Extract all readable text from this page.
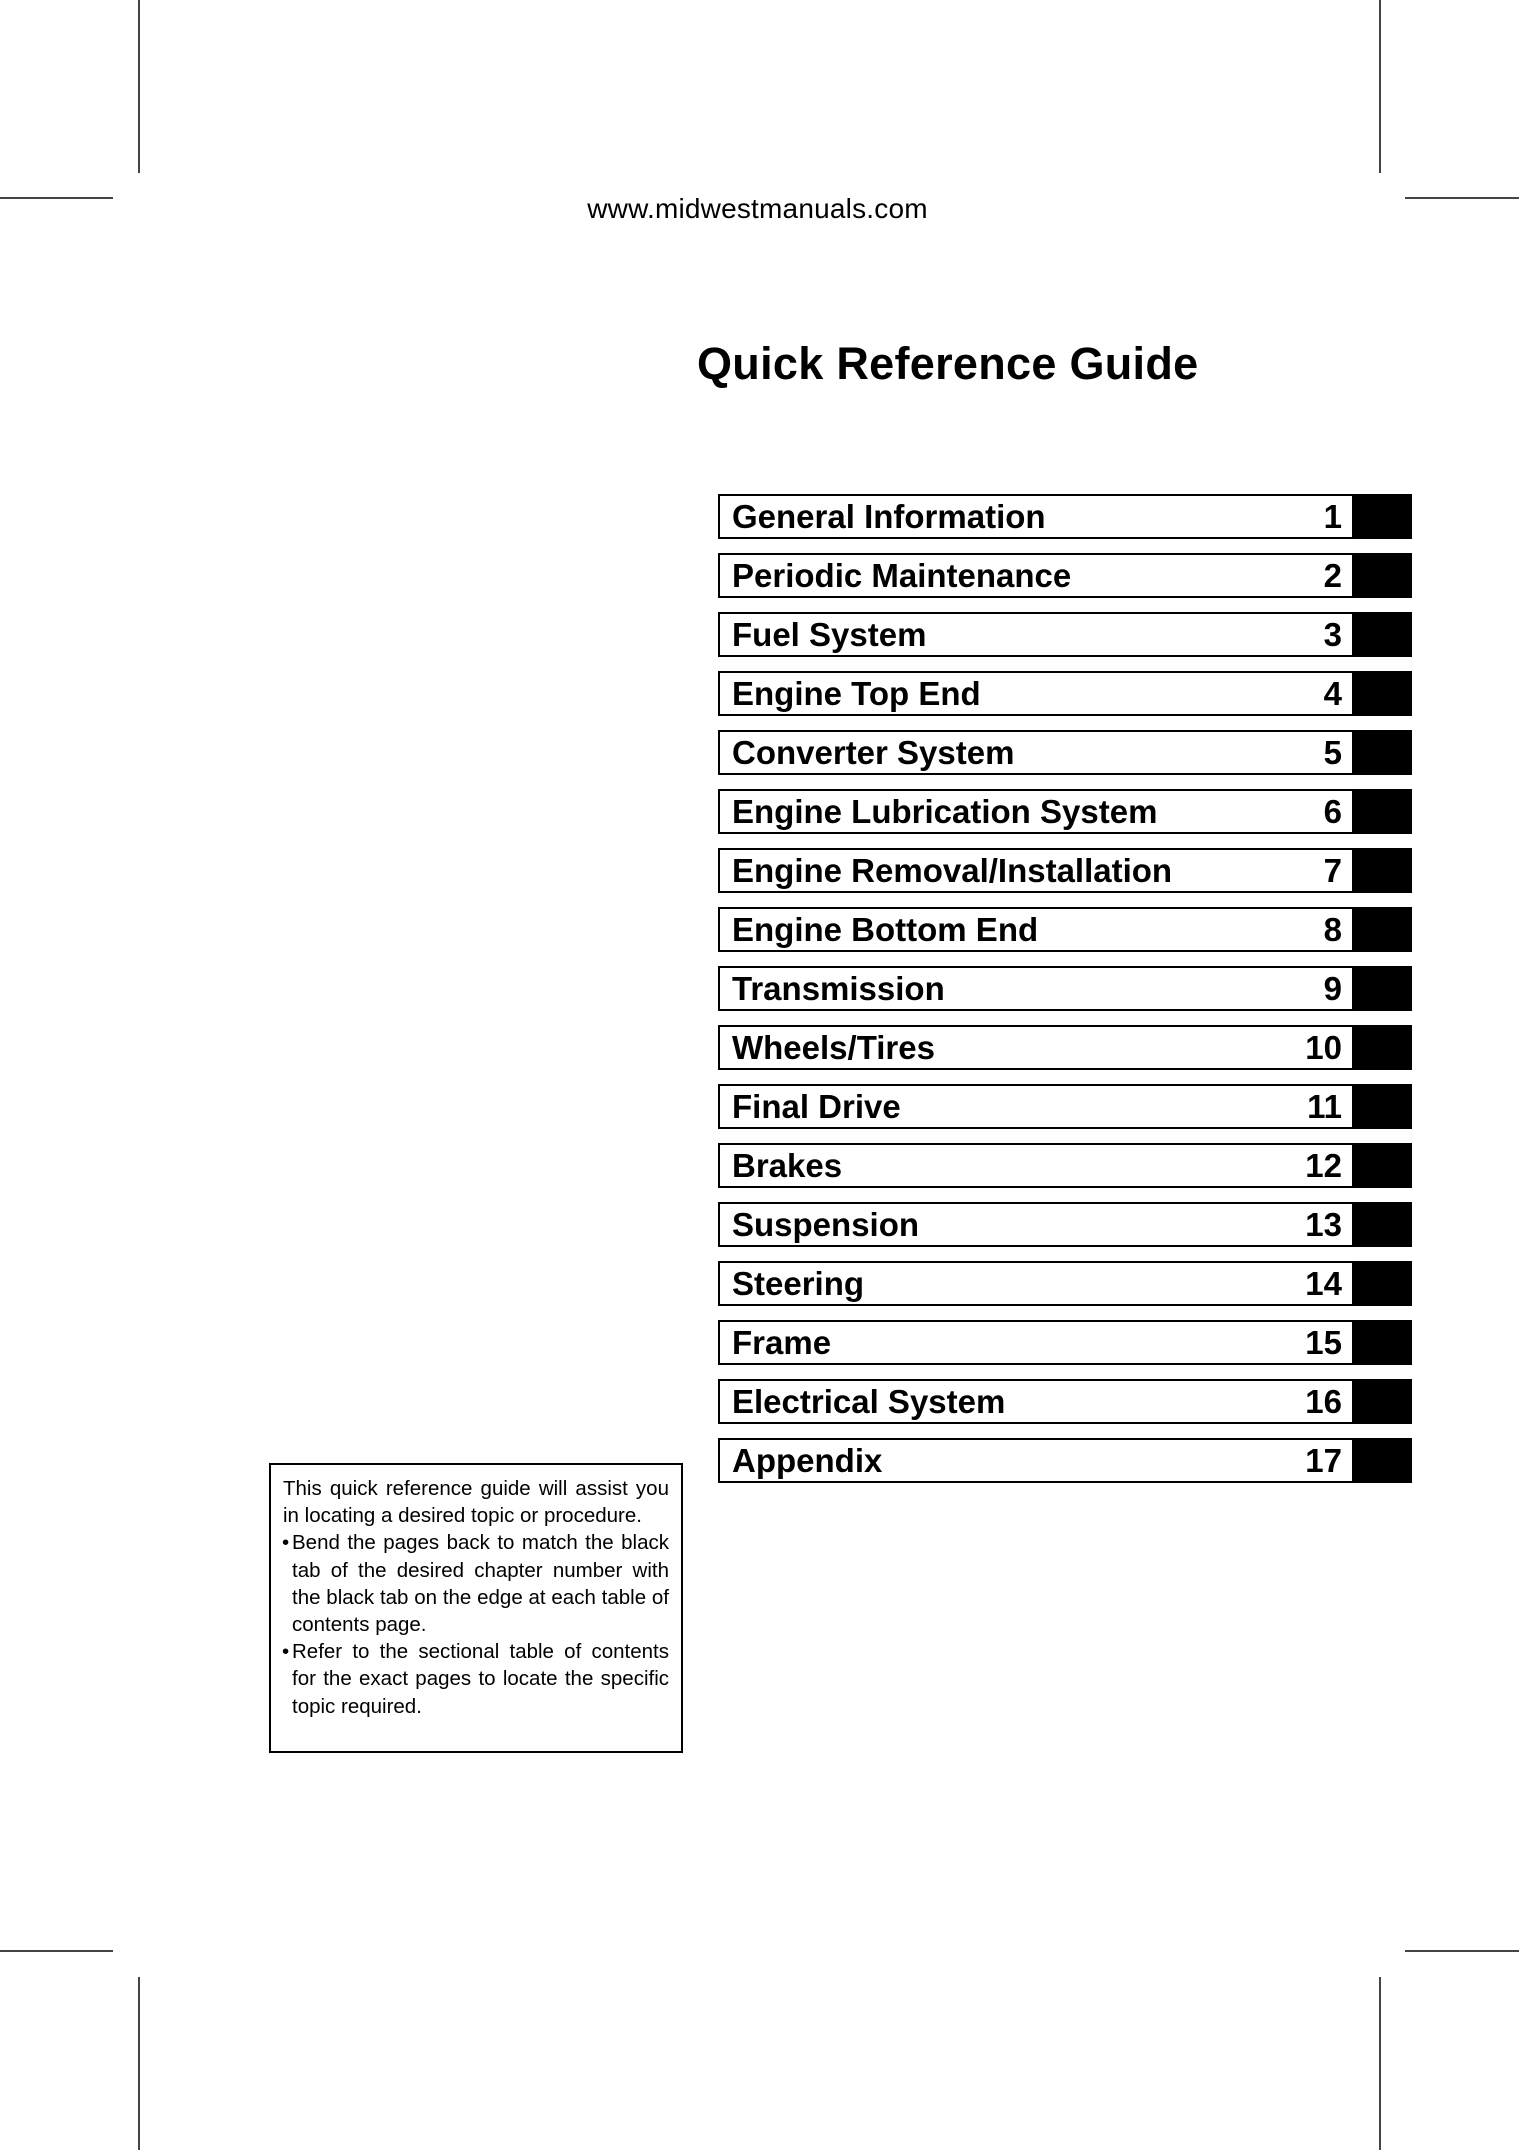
www.midwestmanuals.com
Quick Reference Guide
General Information	1
Periodic Maintenance	2
Fuel System	3
Engine Top End	4
Converter System	5
Engine Lubrication System	6
Engine Removal/Installation	7
Engine Bottom End	8
Transmission	9
Wheels/Tires	10
Final Drive	11
Brakes	12
Suspension	13
Steering	14
Frame	15
Electrical System	16
Appendix	17

This quick reference guide will assist you in locating a desired topic or procedure.

• Bend the pages back to match the black tab of the desired chapter number with the black tab on the edge at each table of contents page.

• Refer to the sectional table of contents for the exact pages to locate the specific topic required.
